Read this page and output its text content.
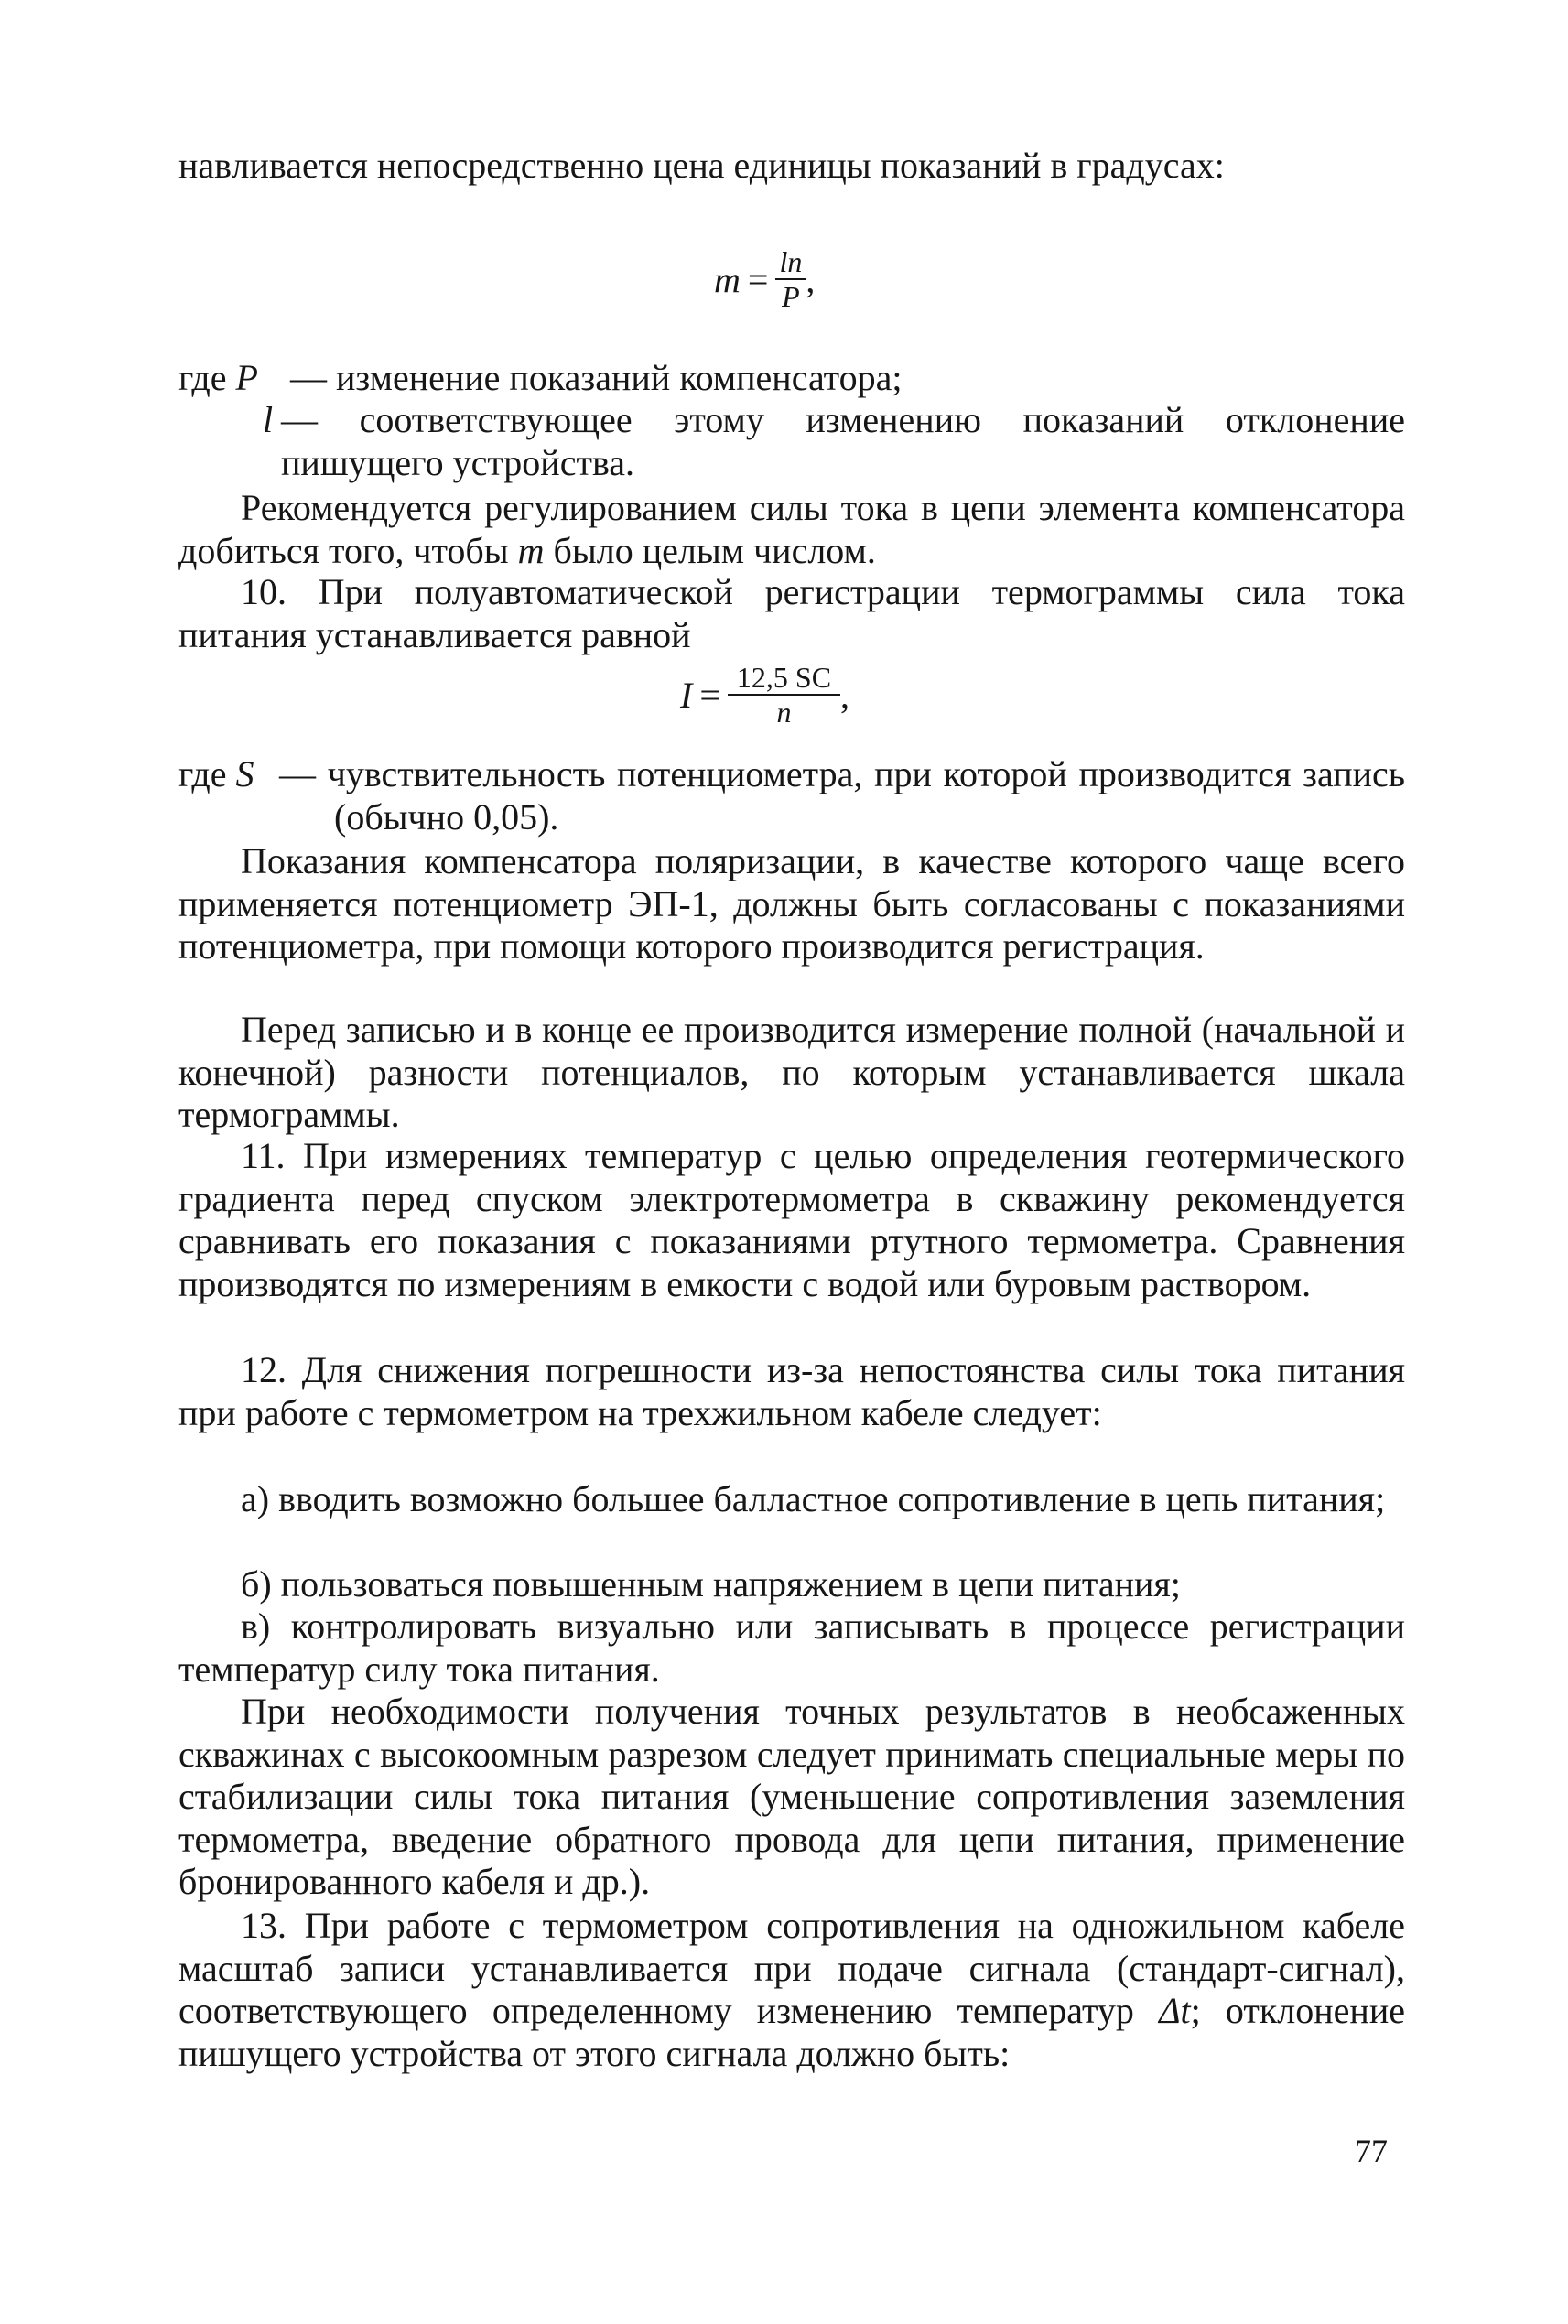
навливается непосредственно цена единицы показаний в градусах:

$m = \frac{\ln}{P}$ ,
где P — изменение показаний компенсатора;

l — соответствующее этому изменению показаний отклонение пишущего устройства.

Рекомендуется регулированием силы тока в цепи элемента компенсатора добиться того, чтобы m было целым числом.

10. При полуавтоматической регистрации термограммы сила тока питания устанавливается равной

$I = \frac{12,5 SC}{n}$ ,
где S — чувствительность потенциометра, при которой производится запись (обычно 0,05).

Показания компенсатора поляризации, в качестве которого чаще всего применяется потенциометр ЭП-1, должны быть согласованы с показаниями потенциометра, при помощи которого производится регистрация.

Перед записью и в конце ее производится измерение полной (начальной и конечной) разности потенциалов, по которым устанавливается шкала термограммы.

11. При измерениях температур с целью определения геотермического градиента перед спуском электротермометра в скважину рекомендуется сравнивать его показания с показаниями ртутного термометра. Сравнения производятся по измерениям в емкости с водой или буровым раствором.

12. Для снижения погрешности из-за непостоянства силы тока питания при работе с термометром на трехжильном кабеле следует:

а) вводить возможно большее балластное сопротивление в цепь питания;

б) пользоваться повышенным напряжением в цепи питания;

в) контролировать визуально или записывать в процессе регистрации температур силу тока питания.

При необходимости получения точных результатов в необсаженных скважинах с высокоомным разрезом следует принимать специальные меры по стабилизации силы тока питания (уменьшение сопротивления заземления термометра, введение обратного провода для цепи питания, применение бронированного кабеля и др.).

13. При работе с термометром сопротивления на одножильном кабеле масштаб записи устанавливается при подаче сигнала (стандарт-сигнал), соответствующего определенному изменению температур Δt; отклонение пишущего устройства от этого сигнала должно быть:

77
